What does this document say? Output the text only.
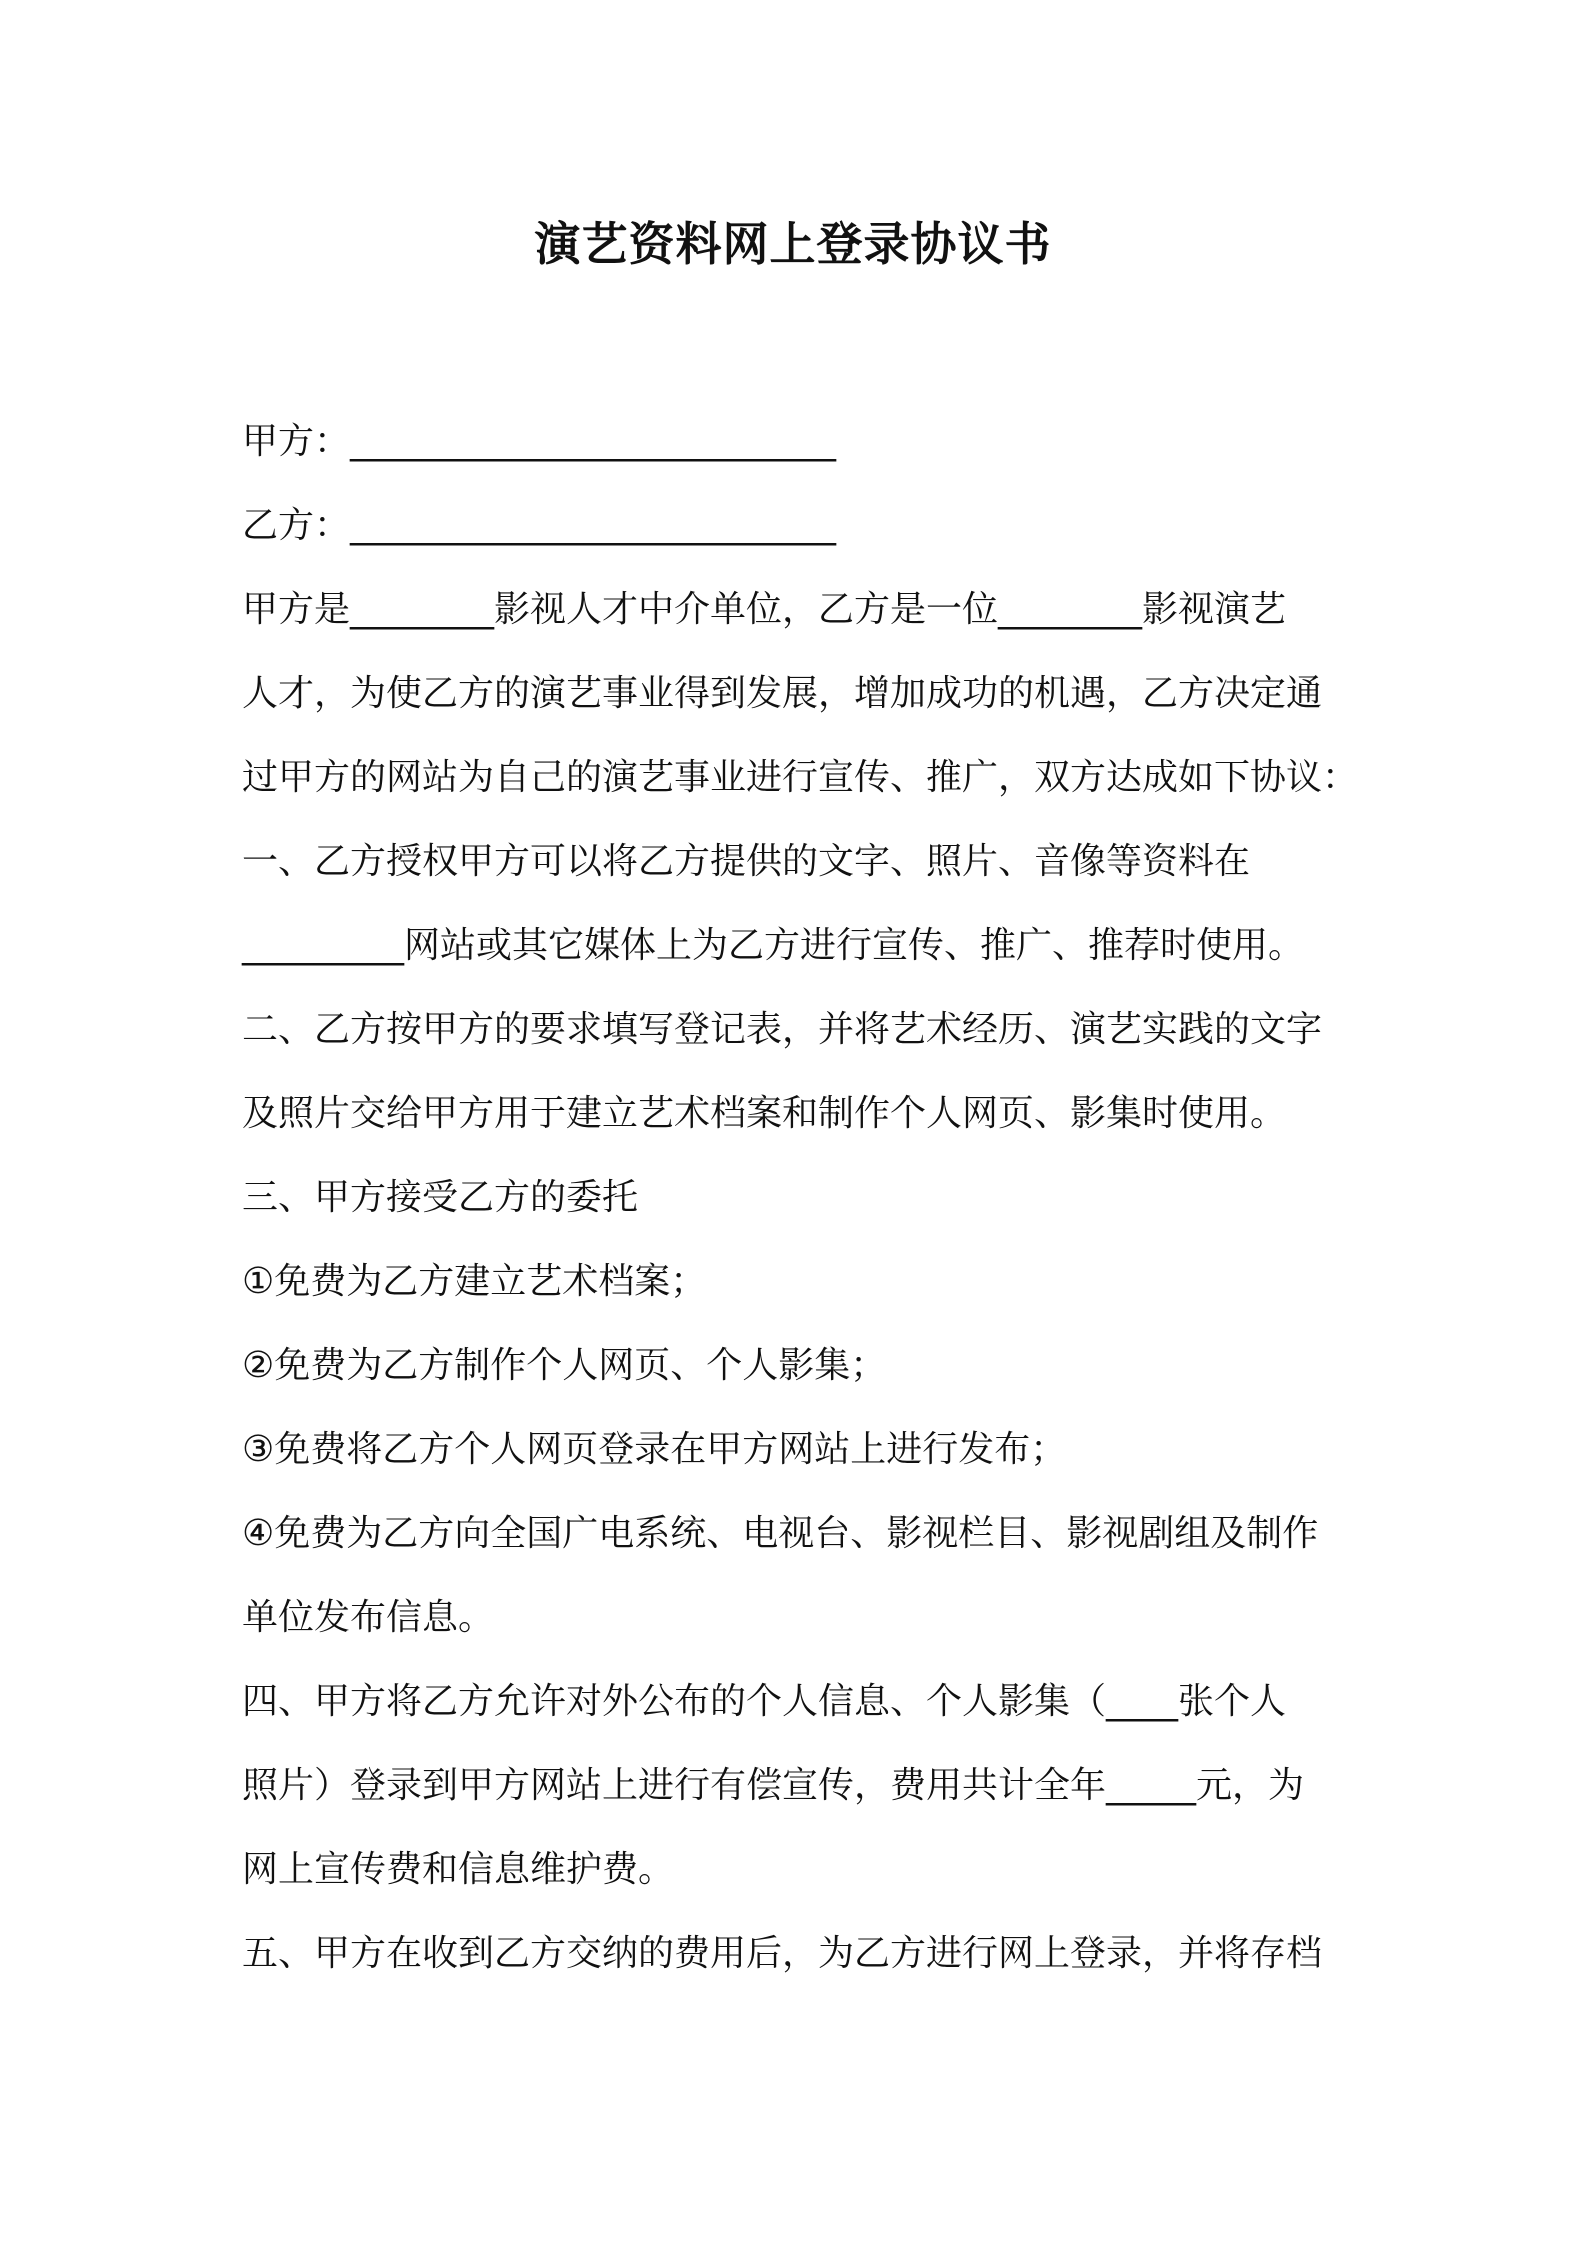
演艺资料网上登录协议书

甲方：___________________________

乙方：___________________________

甲方是________影视人才中介单位，乙方是一位________影视演艺

人才，为使乙方的演艺事业得到发展，增加成功的机遇，乙方决定通

过甲方的网站为自己的演艺事业进行宣传、推广，双方达成如下协议：

一、乙方授权甲方可以将乙方提供的文字、照片、音像等资料在

_________网站或其它媒体上为乙方进行宣传、推广、推荐时使用。

二、乙方按甲方的要求填写登记表，并将艺术经历、演艺实践的文字

及照片交给甲方用于建立艺术档案和制作个人网页、影集时使用。

三、甲方接受乙方的委托

①免费为乙方建立艺术档案；

②免费为乙方制作个人网页、个人影集；

③免费将乙方个人网页登录在甲方网站上进行发布；

④免费为乙方向全国广电系统、电视台、影视栏目、影视剧组及制作

单位发布信息。

四、甲方将乙方允许对外公布的个人信息、个人影集（____张个人

照片）登录到甲方网站上进行有偿宣传，费用共计全年_____元，为

网上宣传费和信息维护费。

五、甲方在收到乙方交纳的费用后，为乙方进行网上登录，并将存档
